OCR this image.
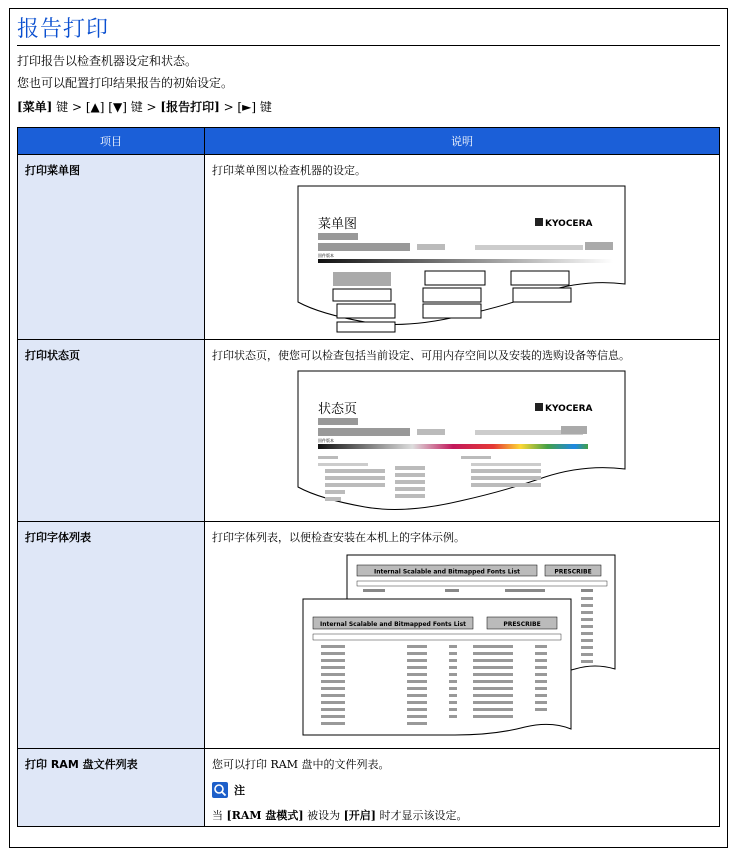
报告打印
打印报告以检查机器设定和状态。
您也可以配置打印结果报告的初始设定。
[菜单] 键 > [▲] [▼] 键 > [报告打印] > [►] 键
项目	说明

打印菜单图	打印菜单图以检查机器的设定。
菜单图 KYOCERA
固件版本

打印状态页	打印状态页，使您可以检查包括当前设定、可用内存空间以及安装的选购设备等信息。
状态页 KYOCERA
固件版本

打印字体列表	打印字体列表，以便检查安装在本机上的字体示例。
Internal Scalable and Bitmapped Fonts List PRESCRIBE
Internal Scalable and Bitmapped Fonts List PRESCRIBE

打印 RAM 盘文件列表	您可以打印 RAM 盘中的文件列表。
注
当 [RAM 盘模式] 被设为 [开启] 时才显示该设定。
